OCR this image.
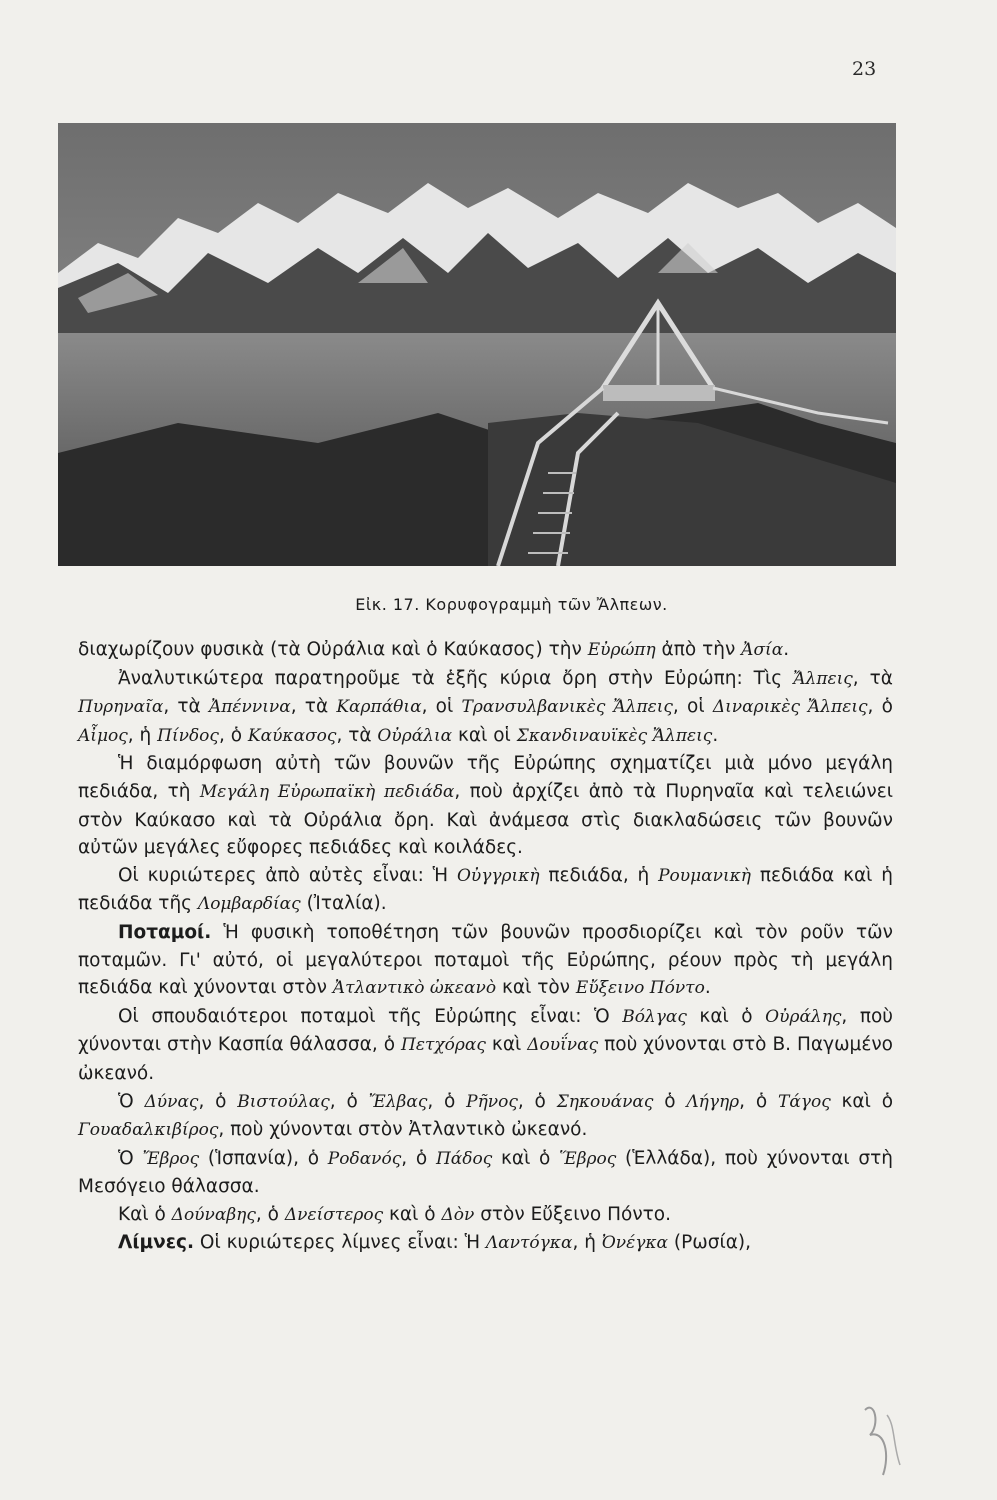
23
Εἰκ. 17. Κορυφογραμμὴ τῶν Ἄλπεων.

διαχωρίζουν φυσικὰ (τὰ Οὐράλια καὶ ὁ Καύκασος) τὴν Εὐρώπη ἀπὸ τὴν Ἀσία.

Ἀναλυτικώτερα παρατηροῦμε τὰ ἑξῆς κύρια ὄρη στὴν Εὐρώπη: Τὶς Ἄλπεις, τὰ Πυρηναῖα, τὰ Ἀπέννινα, τὰ Καρπάθια, οἱ Τρανσυλβανικὲς Ἄλπεις, οἱ Διναρικὲς Ἄλπεις, ὁ Αἶμος, ἡ Πίνδος, ὁ Καύκασος, τὰ Οὐράλια καὶ οἱ Σκανδιναυϊκὲς Ἄλπεις.

Ἡ διαμόρφωση αὐτὴ τῶν βουνῶν τῆς Εὐρώπης σχηματίζει μιὰ μόνο μεγάλη πεδιάδα, τὴ Μεγάλη Εὐρωπαϊκὴ πεδιάδα, ποὺ ἀρχίζει ἀπὸ τὰ Πυρηναῖα καὶ τελειώνει στὸν Καύκασο καὶ τὰ Οὐράλια ὄρη. Καὶ ἀνάμεσα στὶς διακλαδώσεις τῶν βουνῶν αὐτῶν μεγάλες εὔφορες πεδιάδες καὶ κοιλάδες.

Οἱ κυριώτερες ἀπὸ αὐτὲς εἶναι: Ἡ Οὐγγρικὴ πεδιάδα, ἡ Ρουμανικὴ πεδιάδα καὶ ἡ πεδιάδα τῆς Λομβαρδίας (Ἰταλία).

Ποταμοί. Ἡ φυσικὴ τοποθέτηση τῶν βουνῶν προσδιορίζει καὶ τὸν ροῦν τῶν ποταμῶν. Γι' αὐτό, οἱ μεγαλύτεροι ποταμοὶ τῆς Εὐρώπης, ρέουν πρὸς τὴ μεγάλη πεδιάδα καὶ χύνονται στὸν Ἀτλαντικὸ ὠκεανὸ καὶ τὸν Εὔξεινο Πόντο.

Οἱ σπουδαιότεροι ποταμοὶ τῆς Εὐρώπης εἶναι: Ὁ Βόλγας καὶ ὁ Οὐράλης, ποὺ χύνονται στὴν Κασπία θάλασσα, ὁ Πετχόρας καὶ Δουΐνας ποὺ χύνονται στὸ Β. Παγωμένο ὠκεανό.

Ὁ Δύνας, ὁ Βιστούλας, ὁ Ἔλβας, ὁ Ρῆνος, ὁ Σηκουάνας ὁ Λήγηρ, ὁ Τάγος καὶ ὁ Γουαδαλκιβίρος, ποὺ χύνονται στὸν Ἀτλαντικὸ ὠκεανό.

Ὁ Ἔβρος (Ἱσπανία), ὁ Ροδανός, ὁ Πάδος καὶ ὁ Ἕβρος (Ἑλλάδα), ποὺ χύνονται στὴ Μεσόγειο θάλασσα.

Καὶ ὁ Δούναβης, ὁ Δνείστερος καὶ ὁ Δὸν στὸν Εὔξεινο Πόντο.

Λίμνες. Οἱ κυριώτερες λίμνες εἶναι: Ἡ Λαντόγκα, ἡ Ὀνέγκα (Ρωσία),
